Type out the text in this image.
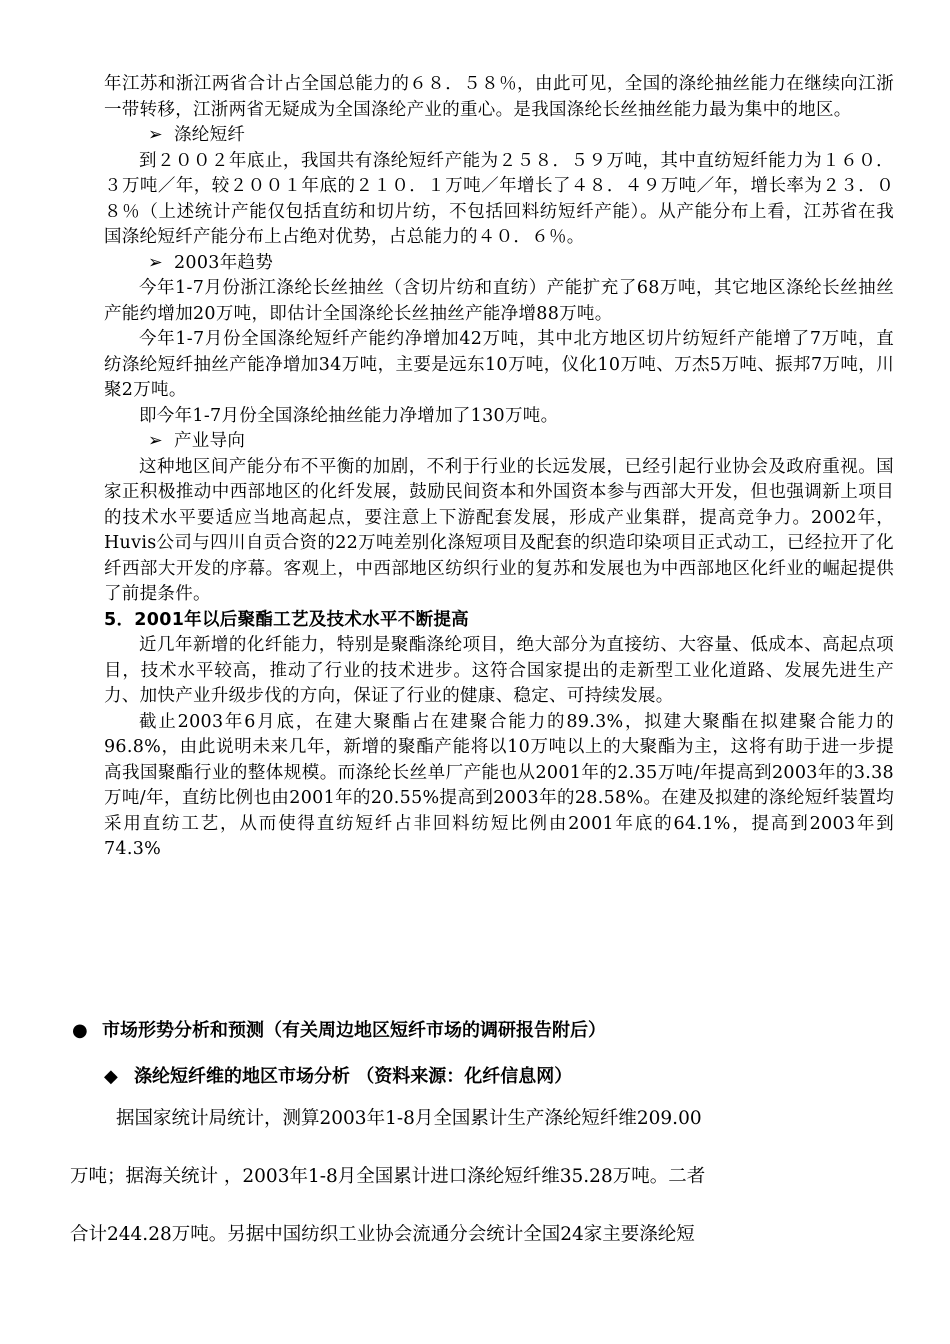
年江苏和浙江两省合计占全国总能力的６８．５８％，由此可见，全国的涤纶抽丝能力在继续向江浙一带转移，江浙两省无疑成为全国涤纶产业的重心。是我国涤纶长丝抽丝能力最为集中的地区。

➢ 涤纶短纤

到２００２年底止，我国共有涤纶短纤产能为２５８．５９万吨，其中直纺短纤能力为１６０．３万吨／年，较２００１年底的２１０．１万吨／年增长了４８．４９万吨／年，增长率为２３．０８％（上述统计产能仅包括直纺和切片纺，不包括回料纺短纤产能）。从产能分布上看，江苏省在我国涤纶短纤产能分布上占绝对优势，占总能力的４０．６％。

➢ 2003年趋势

今年1-7月份浙江涤纶长丝抽丝（含切片纺和直纺）产能扩充了68万吨，其它地区涤纶长丝抽丝产能约增加20万吨，即估计全国涤纶长丝抽丝产能净增88万吨。

今年1-7月份全国涤纶短纤产能约净增加42万吨，其中北方地区切片纺短纤产能增了7万吨，直纺涤纶短纤抽丝产能净增加34万吨，主要是远东10万吨，仪化10万吨、万杰5万吨、振邦7万吨，川聚2万吨。

即今年1-7月份全国涤纶抽丝能力净增加了130万吨。

➢ 产业导向

这种地区间产能分布不平衡的加剧，不利于行业的长远发展，已经引起行业协会及政府重视。国家正积极推动中西部地区的化纤发展，鼓励民间资本和外国资本参与西部大开发，但也强调新上项目的技术水平要适应当地高起点，要注意上下游配套发展，形成产业集群，提高竞争力。2002年，Huvis公司与四川自贡合资的22万吨差别化涤短项目及配套的织造印染项目正式动工，已经拉开了化纤西部大开发的序幕。客观上，中西部地区纺织行业的复苏和发展也为中西部地区化纤业的崛起提供了前提条件。

5．2001年以后聚酯工艺及技术水平不断提高

近几年新增的化纤能力，特别是聚酯涤纶项目，绝大部分为直接纺、大容量、低成本、高起点项目，技术水平较高，推动了行业的技术进步。这符合国家提出的走新型工业化道路、发展先进生产力、加快产业升级步伐的方向，保证了行业的健康、稳定、可持续发展。

截止2003年6月底，在建大聚酯占在建聚合能力的89.3%，拟建大聚酯在拟建聚合能力的96.8%，由此说明未来几年，新增的聚酯产能将以10万吨以上的大聚酯为主，这将有助于进一步提高我国聚酯行业的整体规模。而涤纶长丝单厂产能也从2001年的2.35万吨/年提高到2003年的3.38万吨/年，直纺比例也由2001年的20.55%提高到2003年的28.58%。在建及拟建的涤纶短纤装置均采用直纺工艺，从而使得直纺短纤占非回料纺短比例由2001年底的64.1%，提高到2003年到74.3%

● 市场形势分析和预测（有关周边地区短纤市场的调研报告附后）
◆ 涤纶短纤维的地区市场分析 （资料来源：化纤信息网）

据国家统计局统计，测算2003年1-8月全国累计生产涤纶短纤维209.00

万吨；据海关统计 ，2003年1-8月全国累计进口涤纶短纤维35.28万吨。二者

合计244.28万吨。另据中国纺织工业协会流通分会统计全国24家主要涤纶短
